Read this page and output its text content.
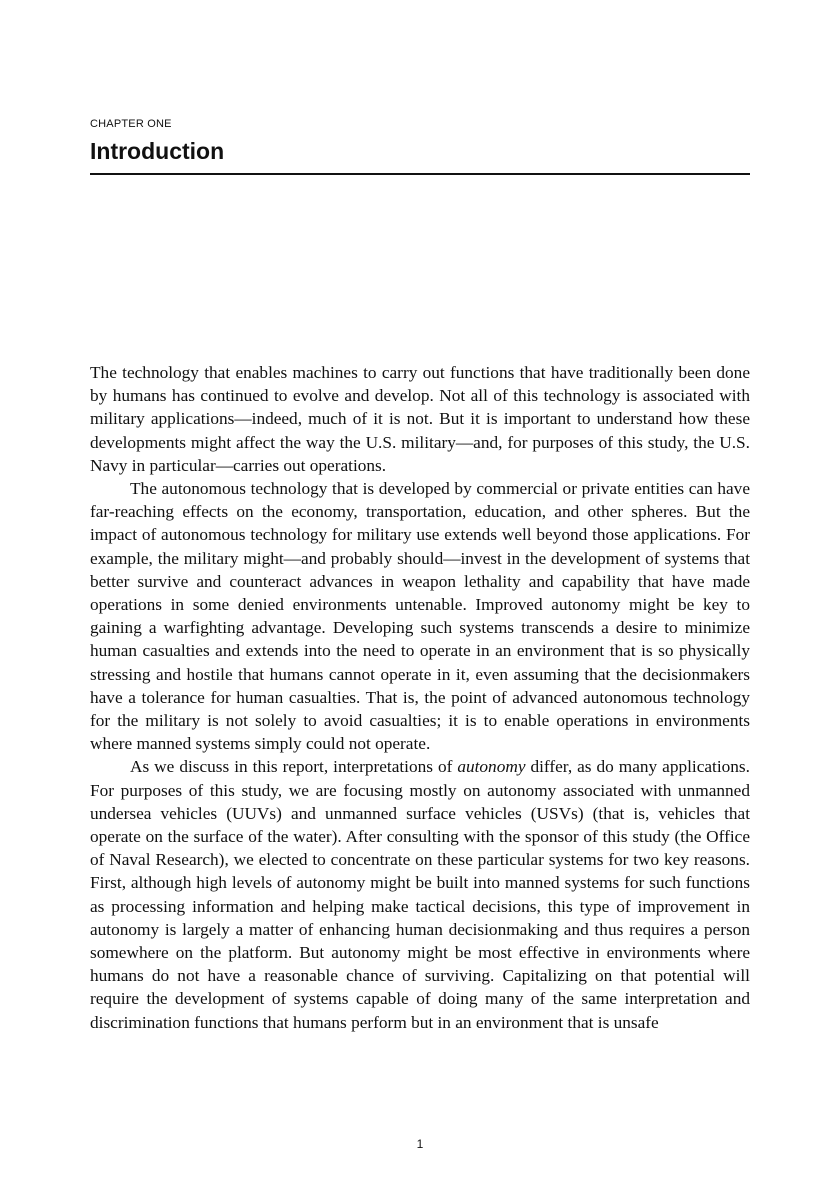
CHAPTER ONE
Introduction

The technology that enables machines to carry out functions that have traditionally been done by humans has continued to evolve and develop. Not all of this technology is associated with military applications—indeed, much of it is not. But it is important to understand how these developments might affect the way the U.S. military—and, for purposes of this study, the U.S. Navy in particular—carries out operations.

The autonomous technology that is developed by commercial or private entities can have far-reaching effects on the economy, transportation, education, and other spheres. But the impact of autonomous technology for military use extends well beyond those applications. For example, the military might—and probably should—invest in the development of systems that better survive and counteract advances in weapon lethality and capability that have made operations in some denied environments untenable. Improved autonomy might be key to gaining a warfighting advantage. Developing such systems transcends a desire to minimize human casualties and extends into the need to operate in an environment that is so physically stressing and hostile that humans cannot operate in it, even assuming that the decisionmakers have a tolerance for human casualties. That is, the point of advanced autonomous technology for the military is not solely to avoid casualties; it is to enable operations in environments where manned systems simply could not operate.

As we discuss in this report, interpretations of autonomy differ, as do many applications. For purposes of this study, we are focusing mostly on autonomy associated with unmanned undersea vehicles (UUVs) and unmanned surface vehicles (USVs) (that is, vehicles that operate on the surface of the water). After consulting with the sponsor of this study (the Office of Naval Research), we elected to concentrate on these particular systems for two key reasons. First, although high levels of autonomy might be built into manned systems for such functions as processing information and helping make tactical decisions, this type of improvement in autonomy is largely a matter of enhancing human decisionmaking and thus requires a person somewhere on the platform. But autonomy might be most effective in environments where humans do not have a reasonable chance of surviving. Capitalizing on that potential will require the development of systems capable of doing many of the same interpretation and discrimination functions that humans perform but in an environment that is unsafe

1
